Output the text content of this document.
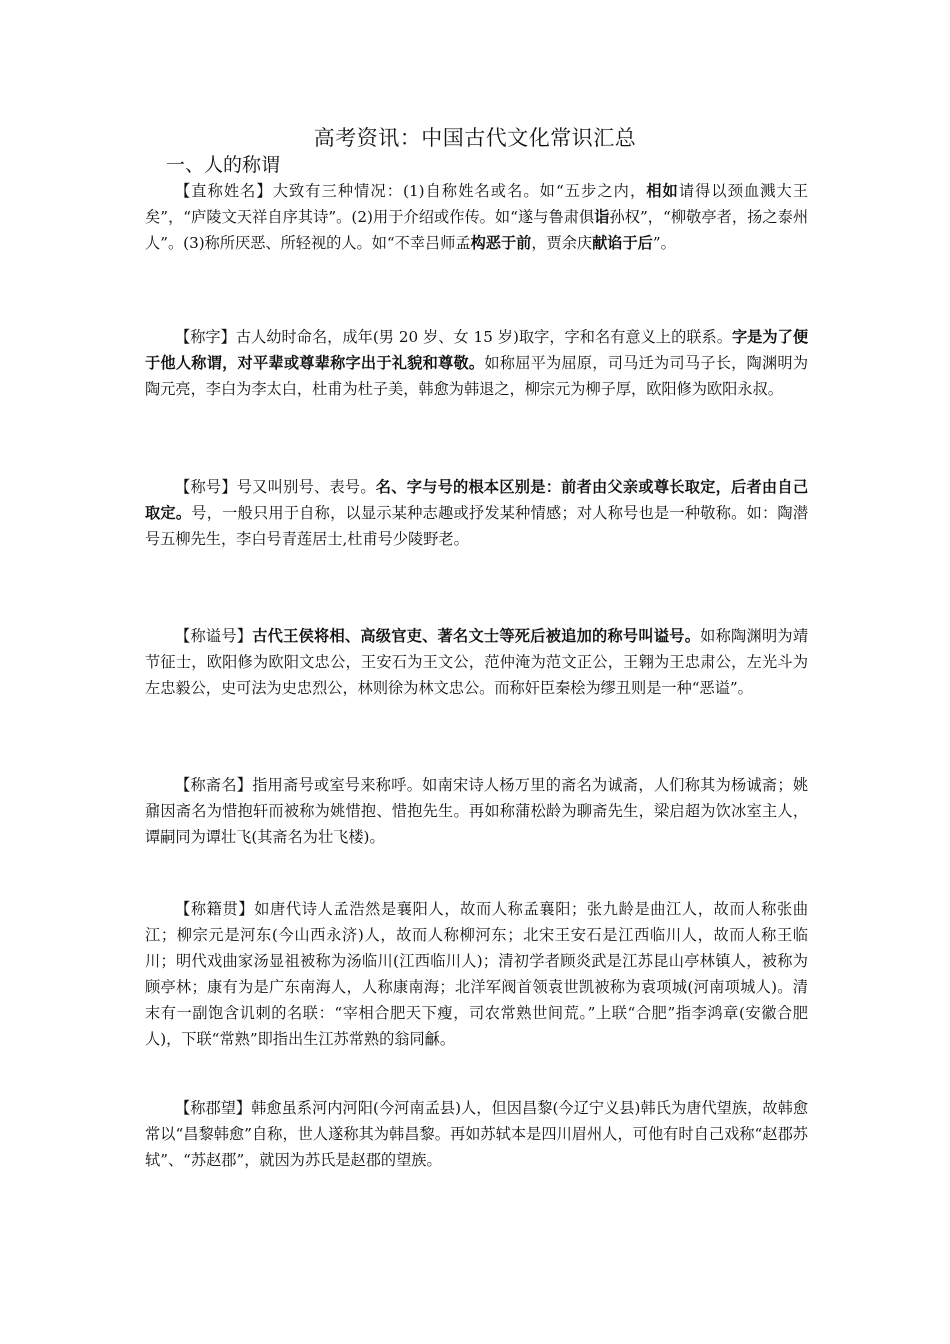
高考资讯：中国古代文化常识汇总
一、人的称谓

【直称姓名】大致有三种情况：(1)自称姓名或名。如“五步之内，相如请得以颈血溅大王矣”，“庐陵文天祥自序其诗”。(2)用于介绍或作传。如“遂与鲁肃俱诣孙权”，“柳敬亭者，扬之泰州人”。(3)称所厌恶、所轻视的人。如“不幸吕师孟构恶于前，贾余庆献谄于后”。

【称字】古人幼时命名，成年(男 20 岁、女 15 岁)取字，字和名有意义上的联系。字是为了便于他人称谓，对平辈或尊辈称字出于礼貌和尊敬。如称屈平为屈原，司马迁为司马子长，陶渊明为陶元亮，李白为李太白，杜甫为杜子美，韩愈为韩退之，柳宗元为柳子厚，欧阳修为欧阳永叔。

【称号】号又叫别号、表号。名、字与号的根本区别是：前者由父亲或尊长取定，后者由自己取定。号，一般只用于自称，以显示某种志趣或抒发某种情感；对人称号也是一种敬称。如：陶潜号五柳先生，李白号青莲居士,杜甫号少陵野老。

【称谥号】古代王侯将相、高级官吏、著名文士等死后被追加的称号叫谥号。如称陶渊明为靖节征士，欧阳修为欧阳文忠公，王安石为王文公，范仲淹为范文正公，王翱为王忠肃公，左光斗为左忠毅公，史可法为史忠烈公，林则徐为林文忠公。而称奸臣秦桧为缪丑则是一种“恶谥”。

【称斋名】指用斋号或室号来称呼。如南宋诗人杨万里的斋名为诚斋，人们称其为杨诚斋；姚鼐因斋名为惜抱轩而被称为姚惜抱、惜抱先生。再如称蒲松龄为聊斋先生，梁启超为饮冰室主人，谭嗣同为谭壮飞(其斋名为壮飞楼)。

【称籍贯】如唐代诗人孟浩然是襄阳人，故而人称孟襄阳；张九龄是曲江人，故而人称张曲江；柳宗元是河东(今山西永济)人，故而人称柳河东；北宋王安石是江西临川人，故而人称王临川；明代戏曲家汤显祖被称为汤临川(江西临川人)；清初学者顾炎武是江苏昆山亭林镇人，被称为顾亭林；康有为是广东南海人，人称康南海；北洋军阀首领袁世凯被称为袁项城(河南项城人)。清末有一副饱含讥刺的名联：“宰相合肥天下瘦，司农常熟世间荒。”上联“合肥”指李鸿章(安徽合肥人)，下联“常熟”即指出生江苏常熟的翁同龢。

【称郡望】韩愈虽系河内河阳(今河南孟县)人，但因昌黎(今辽宁义县)韩氏为唐代望族，故韩愈常以“昌黎韩愈”自称，世人遂称其为韩昌黎。再如苏轼本是四川眉州人，可他有时自己戏称“赵郡苏轼”、“苏赵郡”，就因为苏氏是赵郡的望族。
